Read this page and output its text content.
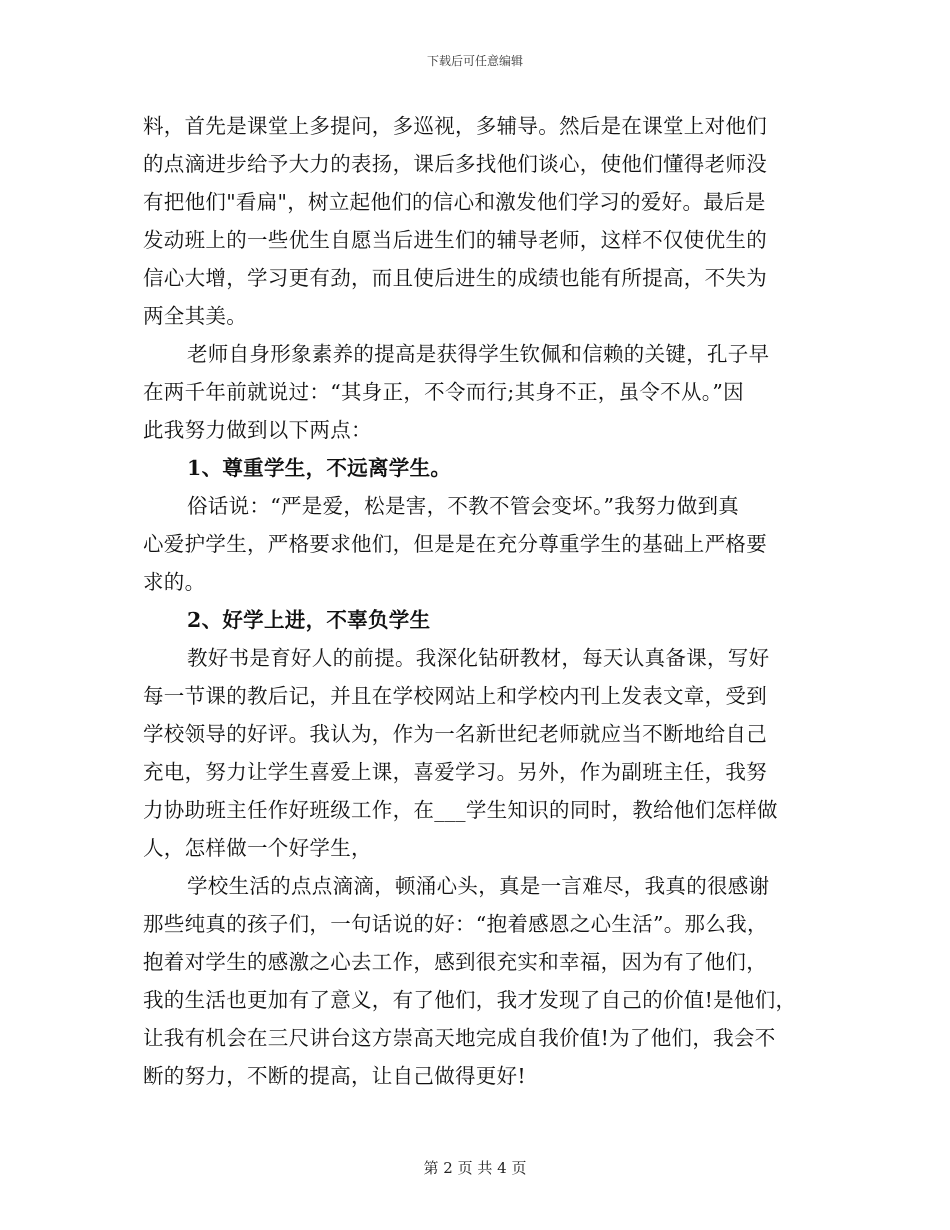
下载后可任意编辑
料，首先是课堂上多提问，多巡视，多辅导。然后是在课堂上对他们
的点滴进步给予大力的表扬，课后多找他们谈心，使他们懂得老师没
有把他们"看扁"，树立起他们的信心和激发他们学习的爱好。最后是
发动班上的一些优生自愿当后进生们的辅导老师，这样不仅使优生的
信心大增，学习更有劲，而且使后进生的成绩也能有所提高，不失为
两全其美。
老师自身形象素养的提高是获得学生钦佩和信赖的关键，孔子早
在两千年前就说过：“其身正，不令而行;其身不正，虽令不从。”因
此我努力做到以下两点：
1、尊重学生，不远离学生。
俗话说：“严是爱，松是害，不教不管会变坏。”我努力做到真
心爱护学生，严格要求他们，但是是在充分尊重学生的基础上严格要
求的。
2、好学上进，不辜负学生
教好书是育好人的前提。我深化钻研教材，每天认真备课，写好
每一节课的教后记，并且在学校网站上和学校内刊上发表文章，受到
学校领导的好评。我认为，作为一名新世纪老师就应当不断地给自己
充电，努力让学生喜爱上课，喜爱学习。另外，作为副班主任，我努
力协助班主任作好班级工作，在___学生知识的同时，教给他们怎样做
人，怎样做一个好学生，
学校生活的点点滴滴，顿涌心头，真是一言难尽，我真的很感谢
那些纯真的孩子们，一句话说的好：“抱着感恩之心生活”。那么我，
抱着对学生的感激之心去工作，感到很充实和幸福，因为有了他们，
我的生活也更加有了意义，有了他们，我才发现了自己的价值!是他们，
让我有机会在三尺讲台这方崇高天地完成自我价值!为了他们，我会不
断的努力，不断的提高，让自己做得更好!
第 2 页 共 4 页
